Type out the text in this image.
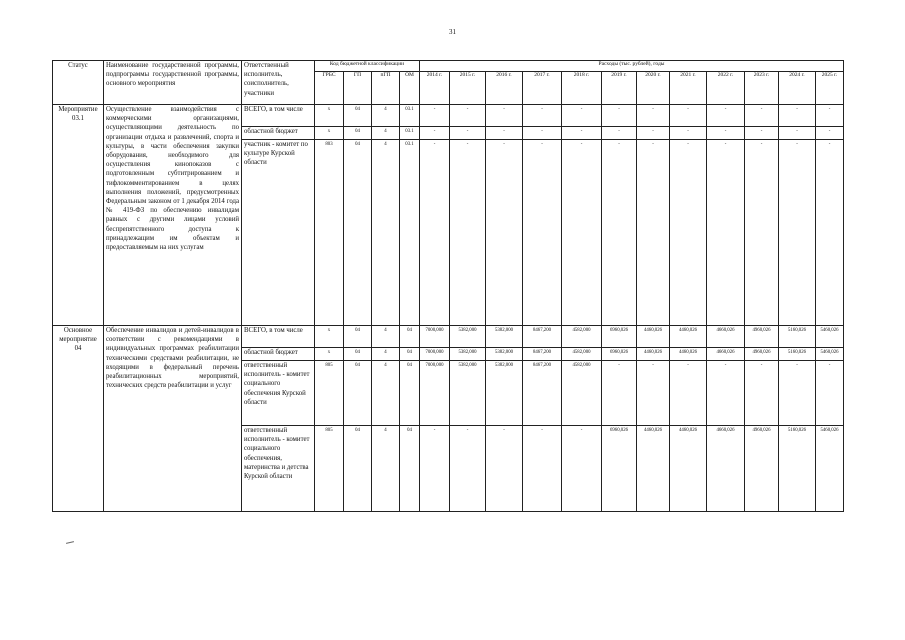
31
Статус	Наименование государственной программы, подпрограммы государственной программы, основного мероприятия	Ответственный исполнитель, соисполнитель, участники	Код бюджетной классификации				Расходы (тыс. рублей), годы											
			ГРБС	ГП	пГП	ОМ	2014 г.	2015 г.	2016 г.	2017 г.	2018 г.	2019 г.	2020 г.	2021 г.	2022 г.	2023 г.	2024 г.	2025 г.
Мероприятие 03.1	Осуществление взаимодействия с коммерческими организациями, осуществляющими деятельность по организации отдыха и развлечений, спорта и культуры, в части обеспечения закупки оборудования, необходимого для осуществления кинопоказов с подготовленным субтитрированием и тифлокомментированием в целях выполнения положений, предусмотренных Федеральным законом от 1 декабря 2014 года № 419-ФЗ по обеспечению инвалидам равных с другими лицами условий беспрепятственного доступа к принадлежащим им объектам и предоставляемым на них услугам	ВСЕГО, в том числе	x	04	4	03.1	-	-	-	-	-	-	-	-	-	-	-	-
		областной бюджет	x	04	4	03.1	-	-	-	-	-	-	-	-	-	-	-	-
		участник - комитет по культуре Курской области	803	04	4	03.1	-	-	-	-	-	-	-	-	-	-	-	-
Основное мероприятие 04	Обеспечение инвалидов и детей-инвалидов в соответствии с рекомендациями в индивидуальных программах реабилитации техническими средствами реабилитации, не входящими в федеральный перечень реабилитационных мероприятий, технических средств реабилитации и услуг	ВСЕГО, в том числе	x	04	4	04	7000,000	5382,000	5382,000	8467,200	4582,000	6960,026	4460,026	4460,026	4660,026	4960,026	5160,026	5460,026
		областной бюджет	x	04	4	04	7000,000	5382,000	5382,000	8467,200	4582,000	6960,026	4460,026	4460,026	4660,026	4960,026	5160,026	5460,026
		ответственный исполнитель - комитет социального обеспечения Курской области	805	04	4	04	7000,000	5382,000	5382,000	8467,200	4582,000	-	-	-	-	-	-	-
		ответственный исполнитель - комитет социального обеспечения, материнства и детства Курской области	805	04	4	04	-	-	-	-	-	6960,026	4460,026	4460,026	4660,026	4960,026	5160,026	5460,026
